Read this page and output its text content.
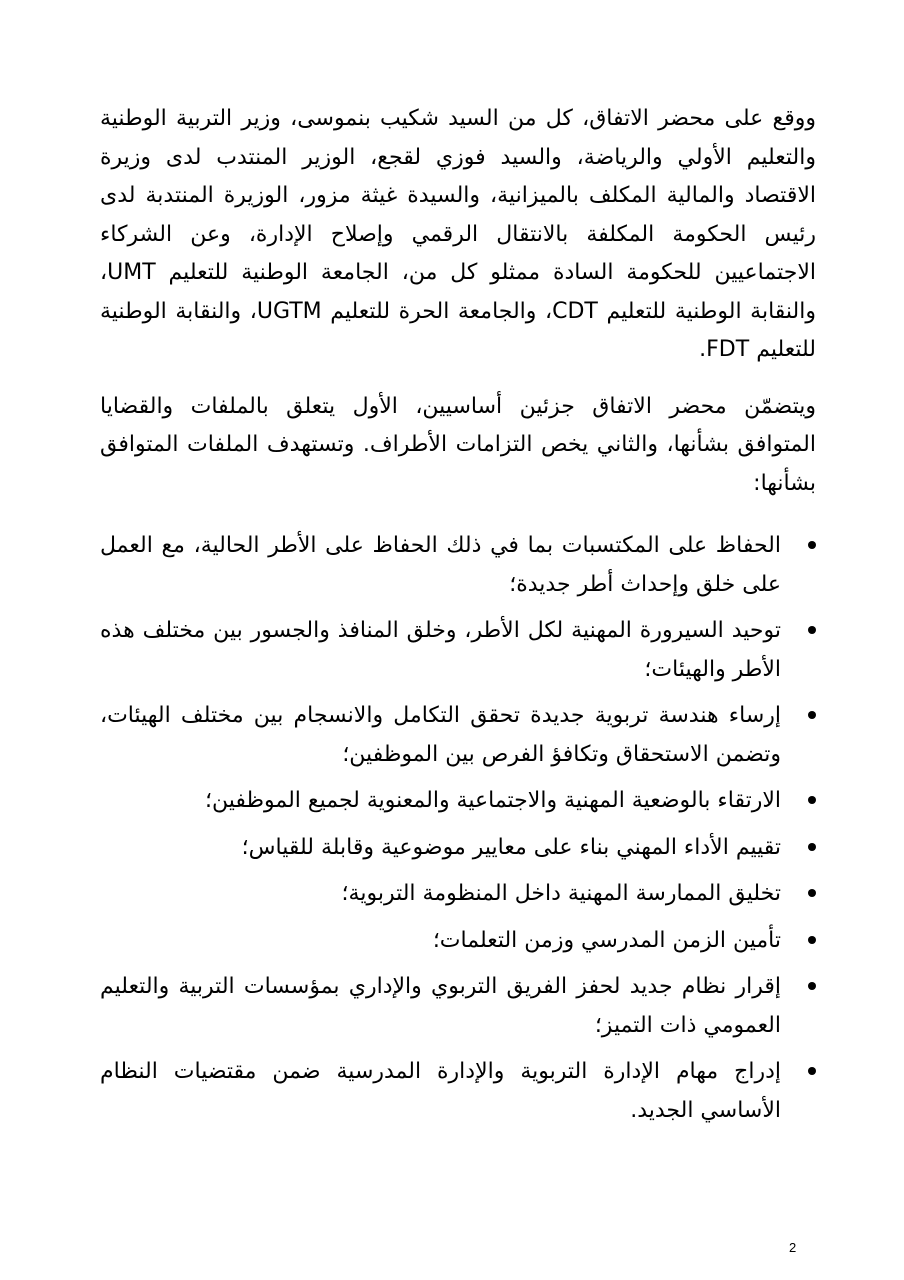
ووقع على محضر الاتفاق، كل من السيد شكيب بنموسى، وزير التربية الوطنية والتعليم الأولي والرياضة، والسيد فوزي لقجع، الوزير المنتدب لدى وزيرة الاقتصاد والمالية المكلف بالميزانية، والسيدة غيثة مزور، الوزيرة المنتدبة لدى رئيس الحكومة المكلفة بالانتقال الرقمي وإصلاح الإدارة، وعن الشركاء الاجتماعيين للحكومة السادة ممثلو كل من، الجامعة الوطنية للتعليم UMT، والنقابة الوطنية للتعليم CDT، والجامعة الحرة للتعليم UGTM، والنقابة الوطنية للتعليم FDT.

ويتضمّن محضر الاتفاق جزئين أساسيين، الأول يتعلق بالملفات والقضايا المتوافق بشأنها، والثاني يخص التزامات الأطراف. وتستهدف الملفات المتوافق بشأنها:

الحفاظ على المكتسبات بما في ذلك الحفاظ على الأطر الحالية، مع العمل على خلق وإحداث أطر جديدة؛
توحيد السيرورة المهنية لكل الأطر، وخلق المنافذ والجسور بين مختلف هذه الأطر والهيئات؛
إرساء هندسة تربوية جديدة تحقق التكامل والانسجام بين مختلف الهيئات، وتضمن الاستحقاق وتكافؤ الفرص بين الموظفين؛
الارتقاء بالوضعية المهنية والاجتماعية والمعنوية لجميع الموظفين؛
تقييم الأداء المهني بناء على معايير موضوعية وقابلة للقياس؛
تخليق الممارسة المهنية داخل المنظومة التربوية؛
تأمين الزمن المدرسي وزمن التعلمات؛
إقرار نظام جديد لحفز الفريق التربوي والإداري بمؤسسات التربية والتعليم العمومي ذات التميز؛
إدراج مهام الإدارة التربوية والإدارة المدرسية ضمن مقتضيات النظام الأساسي الجديد.
2
